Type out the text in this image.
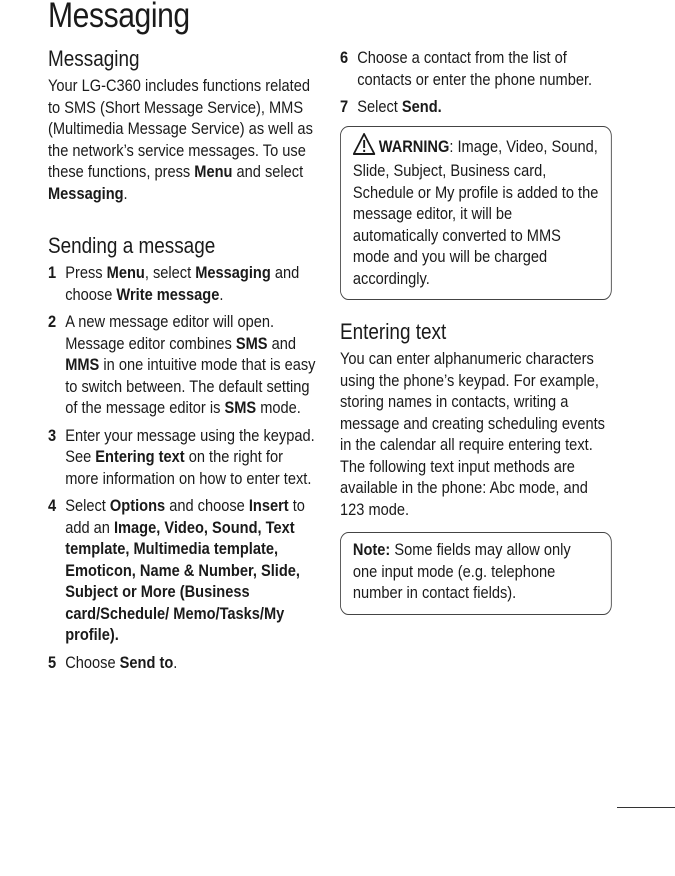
Messaging
Messaging

Your LG-C360 includes functions related to SMS (Short Message Service), MMS (Multimedia Message Service) as well as the network’s service messages. To use these functions, press Menu and select Messaging.

Sending a message
1 Press Menu, select Messaging and choose Write message.
2 A new message editor will open. Message editor combines SMS and MMS in one intuitive mode that is easy to switch between. The default setting of the message editor is SMS mode.
3 Enter your message using the keypad. See Entering text on the right for more information on how to enter text.
4 Select Options and choose Insert to add an Image, Video, Sound, Text template, Multimedia template, Emoticon, Name & Number, Slide, Subject or More (Business card/Schedule/ Memo/Tasks/My profile).
5 Choose Send to.
6 Choose a contact from the list of contacts or enter the phone number.
7 Select Send.

WARNING: Image, Video, Sound, Slide, Subject, Business card, Schedule or My profile is added to the message editor, it will be automatically converted to MMS mode and you will be charged accordingly.

Entering text

You can enter alphanumeric characters using the phone’s keypad. For example, storing names in contacts, writing a message and creating scheduling events in the calendar all require entering text. The following text input methods are available in the phone: Abc mode, and 123 mode.

Note: Some fields may allow only one input mode (e.g. telephone number in contact fields).
